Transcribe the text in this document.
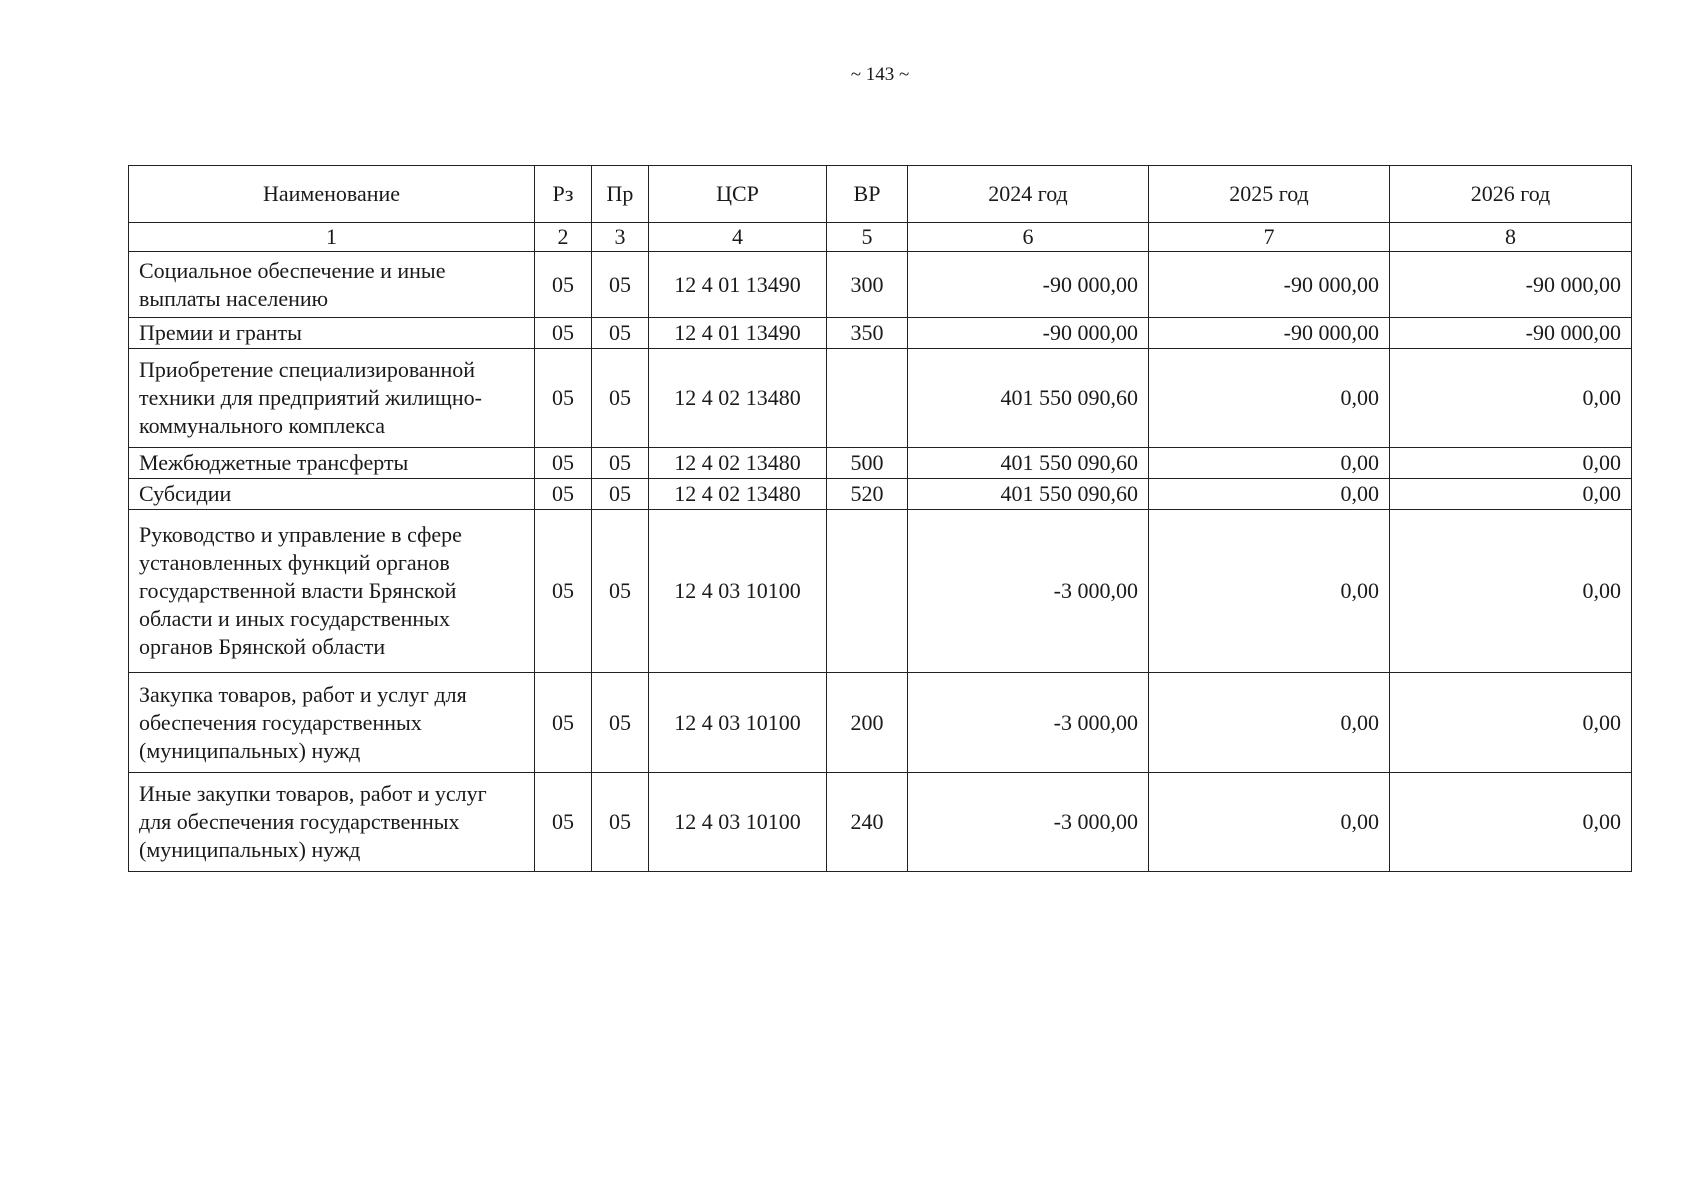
~ 143 ~
Наименование	Рз	Пр	ЦСР	ВР	2024 год	2025 год	2026 год
1	2	3	4	5	6	7	8
Социальное обеспечение и иные выплаты населению	05	05	12 4 01 13490	300	-90 000,00	-90 000,00	-90 000,00
Премии и гранты	05	05	12 4 01 13490	350	-90 000,00	-90 000,00	-90 000,00
Приобретение специализированной техники для предприятий жилищно-коммунального комплекса	05	05	12 4 02 13480		401 550 090,60	0,00	0,00
Межбюджетные трансферты	05	05	12 4 02 13480	500	401 550 090,60	0,00	0,00
Субсидии	05	05	12 4 02 13480	520	401 550 090,60	0,00	0,00
Руководство и управление в сфере установленных функций органов государственной власти Брянской области и иных государственных органов Брянской области	05	05	12 4 03 10100		-3 000,00	0,00	0,00
Закупка товаров, работ и услуг для обеспечения государственных (муниципальных) нужд	05	05	12 4 03 10100	200	-3 000,00	0,00	0,00
Иные закупки товаров, работ и услуг для обеспечения государственных (муниципальных) нужд	05	05	12 4 03 10100	240	-3 000,00	0,00	0,00
